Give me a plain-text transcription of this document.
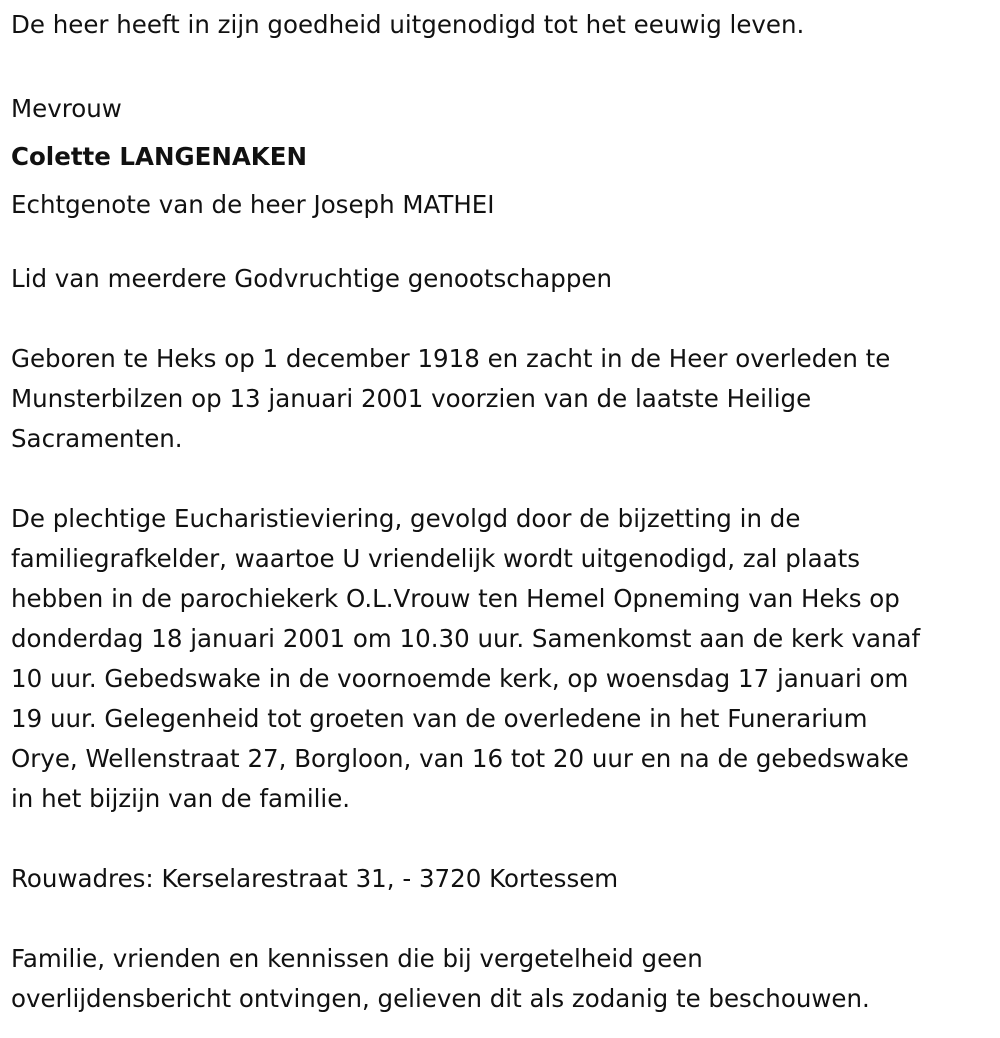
De heer heeft in zijn goedheid uitgenodigd tot het eeuwig leven.
Mevrouw
Colette LANGENAKEN
Echtgenote van de heer Joseph MATHEI
Lid van meerdere Godvruchtige genootschappen
Geboren te Heks op 1 december 1918 en zacht in de Heer overleden te
Munsterbilzen op 13 januari 2001 voorzien van de laatste Heilige
Sacramenten.
De plechtige Eucharistieviering, gevolgd door de bijzetting in de
familiegrafkelder, waartoe U vriendelijk wordt uitgenodigd, zal plaats
hebben in de parochiekerk O.L.Vrouw ten Hemel Opneming van Heks op
donderdag 18 januari 2001 om 10.30 uur. Samenkomst aan de kerk vanaf
10 uur. Gebedswake in de voornoemde kerk, op woensdag 17 januari om
19 uur. Gelegenheid tot groeten van de overledene in het Funerarium
Orye, Wellenstraat 27, Borgloon, van 16 tot 20 uur en na de gebedswake
in het bijzijn van de familie.
Rouwadres: Kerselarestraat 31, - 3720 Kortessem
Familie, vrienden en kennissen die bij vergetelheid geen
overlijdensbericht ontvingen, gelieven dit als zodanig te beschouwen.
